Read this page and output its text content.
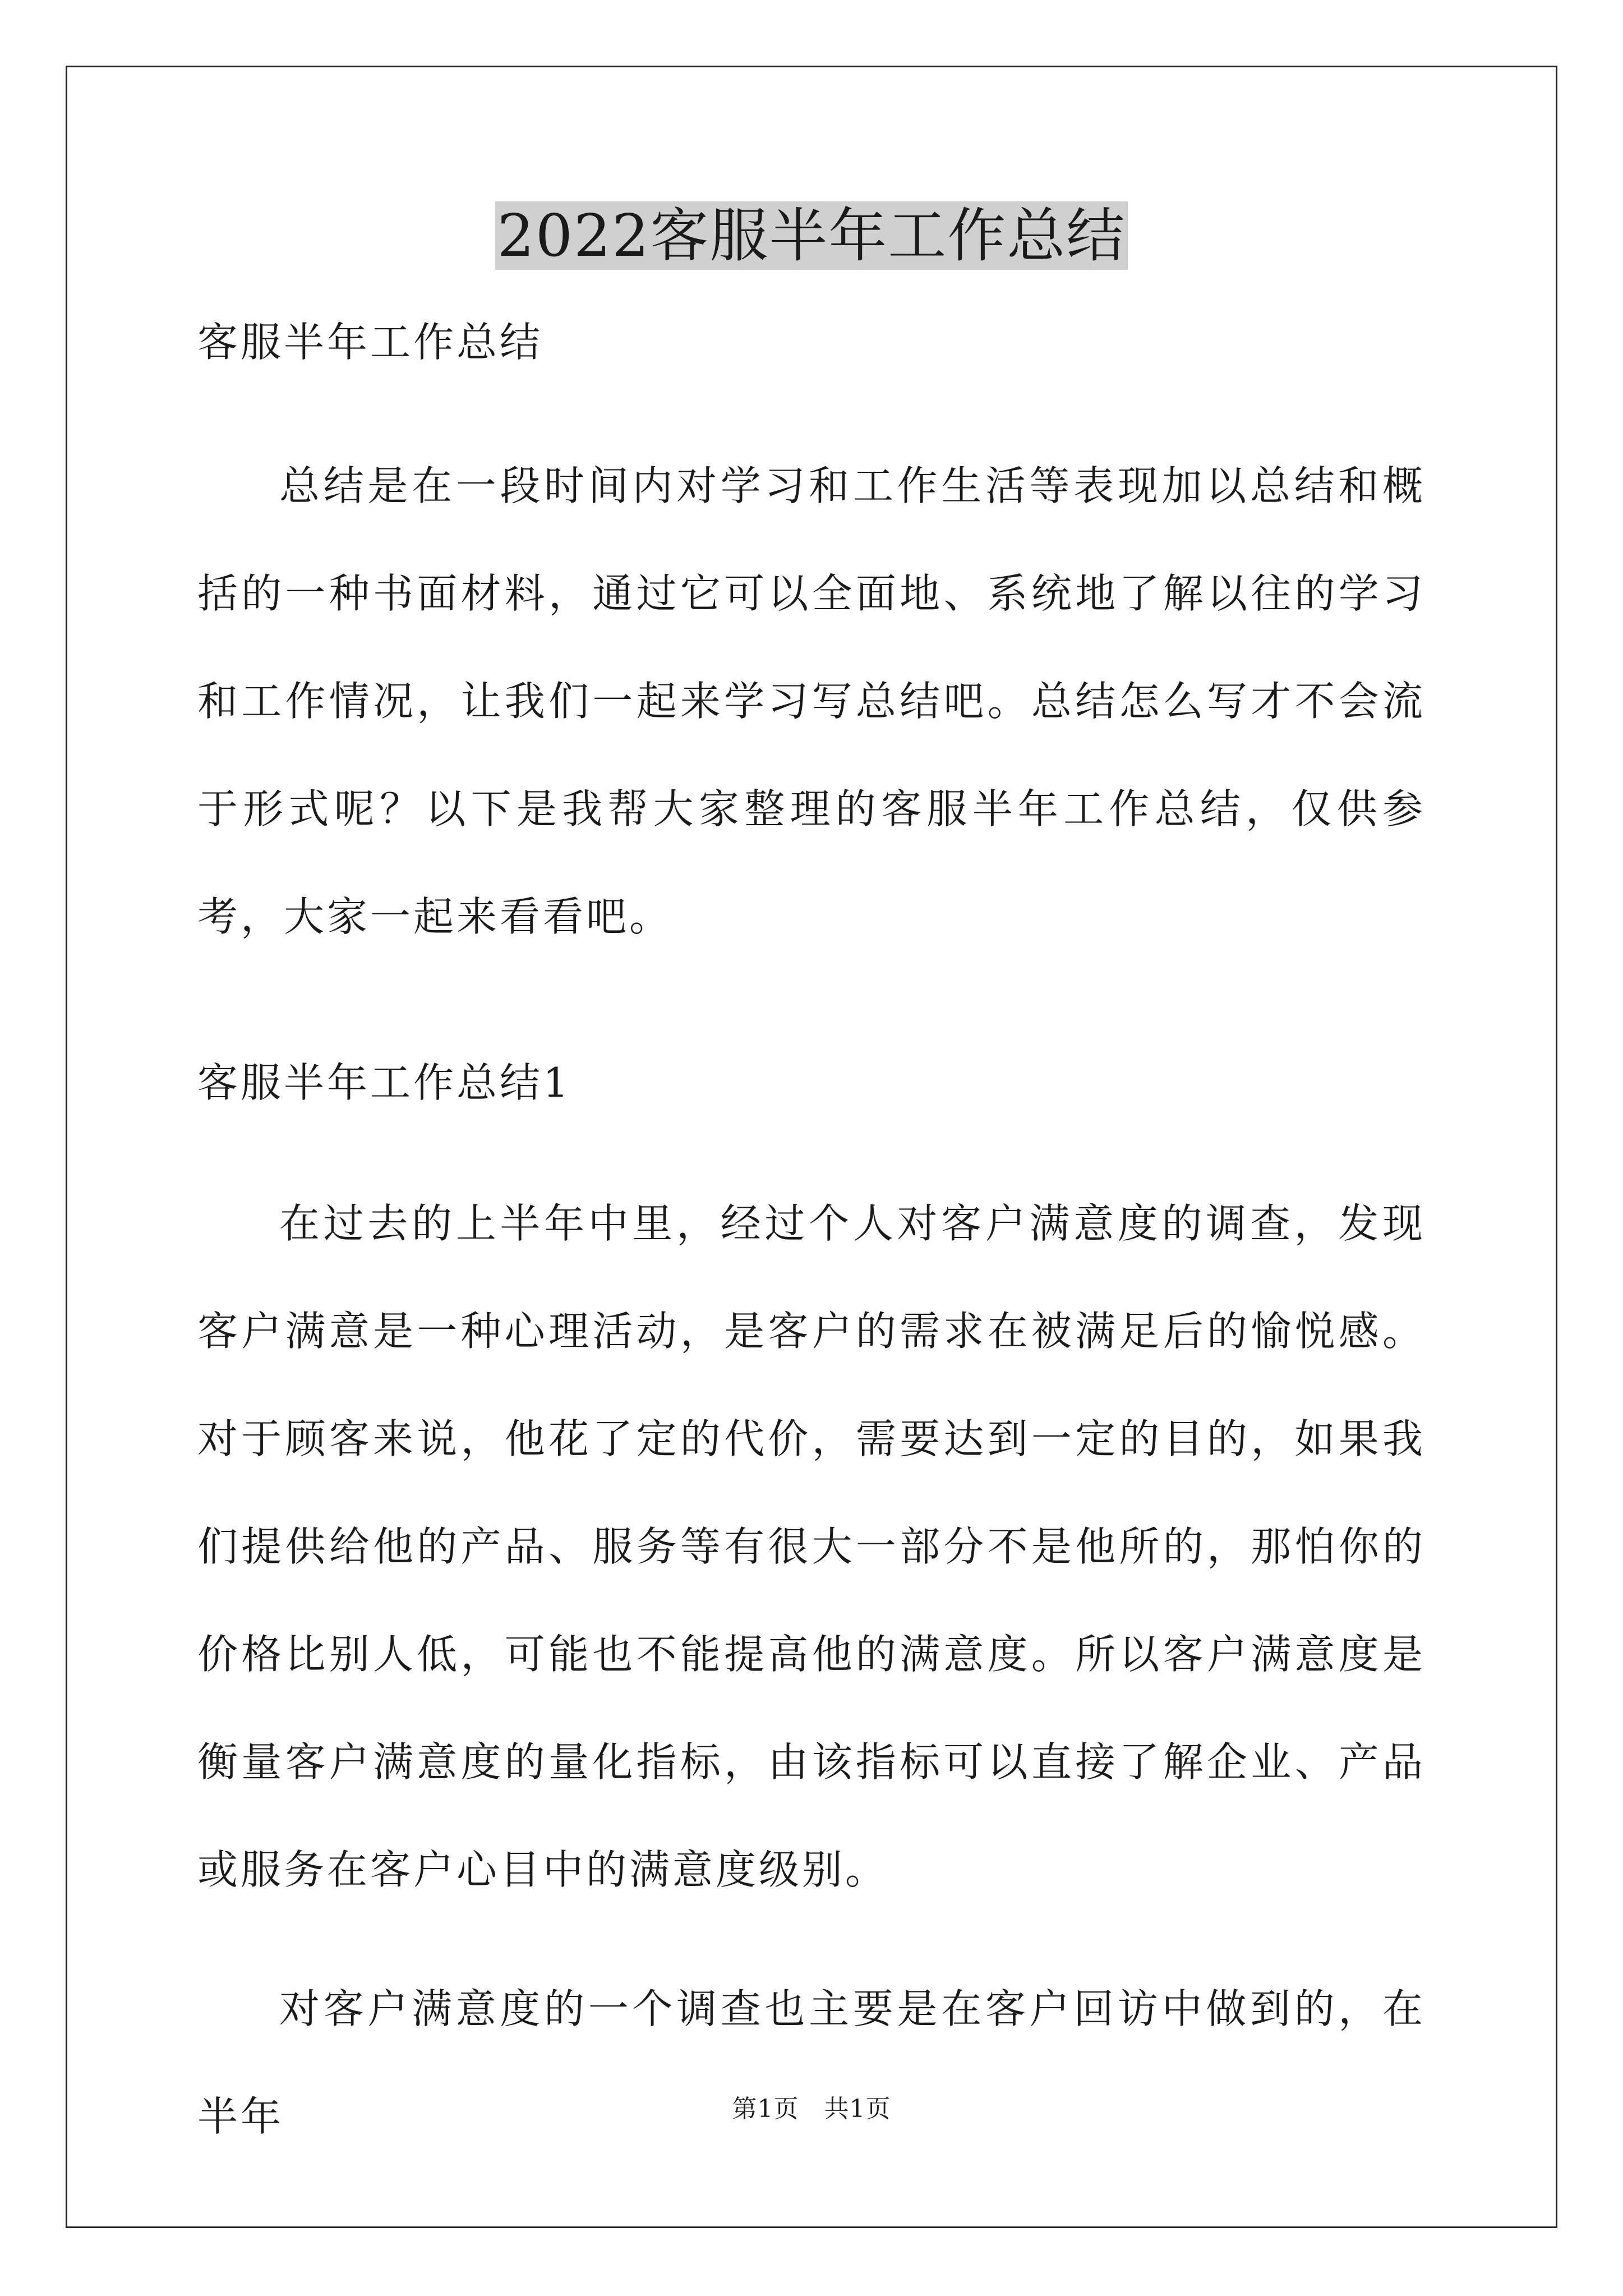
2022客服半年工作总结
客服半年工作总结

总结是在一段时间内对学习和工作生活等表现加以总结和概括的一种书面材料，通过它可以全面地、系统地了解以往的学习和工作情况，让我们一起来学习写总结吧。总结怎么写才不会流于形式呢？以下是我帮大家整理的客服半年工作总结，仅供参考，大家一起来看看吧。

客服半年工作总结1

在过去的上半年中里，经过个人对客户满意度的调查，发现客户满意是一种心理活动，是客户的需求在被满足后的愉悦感。对于顾客来说，他花了定的代价，需要达到一定的目的，如果我们提供给他的产品、服务等有很大一部分不是他所的，那怕你的价格比别人低，可能也不能提高他的满意度。所以客户满意度是衡量客户满意度的量化指标，由该指标可以直接了解企业、产品或服务在客户心目中的满意度级别。

对客户满意度的一个调查也主要是在客户回访中做到的，在半年	第1页　共1页
